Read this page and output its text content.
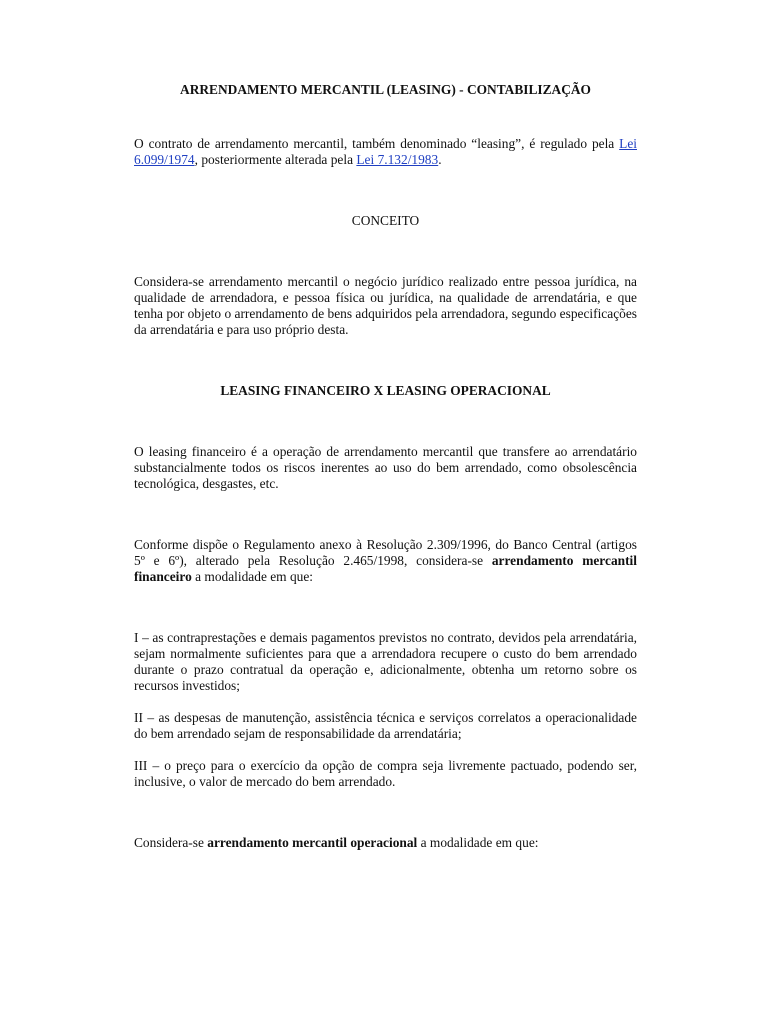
ARRENDAMENTO MERCANTIL (LEASING) - CONTABILIZAÇÃO

O contrato de arrendamento mercantil, também denominado “leasing”, é regulado pela Lei 6.099/1974, posteriormente alterada pela Lei 7.132/1983.

CONCEITO

Considera-se arrendamento mercantil o negócio jurídico realizado entre pessoa jurídica, na qualidade de arrendadora, e pessoa física ou jurídica, na qualidade de arrendatária, e que tenha por objeto o arrendamento de bens adquiridos pela arrendadora, segundo especificações da arrendatária e para uso próprio desta.

LEASING FINANCEIRO X LEASING OPERACIONAL

O leasing financeiro é a operação de arrendamento mercantil que transfere ao arrendatário substancialmente todos os riscos inerentes ao uso do bem arrendado, como obsolescência tecnológica, desgastes, etc.

Conforme dispõe o Regulamento anexo à Resolução 2.309/1996, do Banco Central (artigos 5º e 6º), alterado pela Resolução 2.465/1998, considera-se arrendamento mercantil financeiro a modalidade em que:

I – as contraprestações e demais pagamentos previstos no contrato, devidos pela arrendatária, sejam normalmente suficientes para que a arrendadora recupere o custo do bem arrendado durante o prazo contratual da operação e, adicionalmente, obtenha um retorno sobre os recursos investidos;

II – as despesas de manutenção, assistência técnica e serviços correlatos a operacionalidade do bem arrendado sejam de responsabilidade da arrendatária;

III – o preço para o exercício da opção de compra seja livremente pactuado, podendo ser, inclusive, o valor de mercado do bem arrendado.

Considera-se arrendamento mercantil operacional a modalidade em que:
